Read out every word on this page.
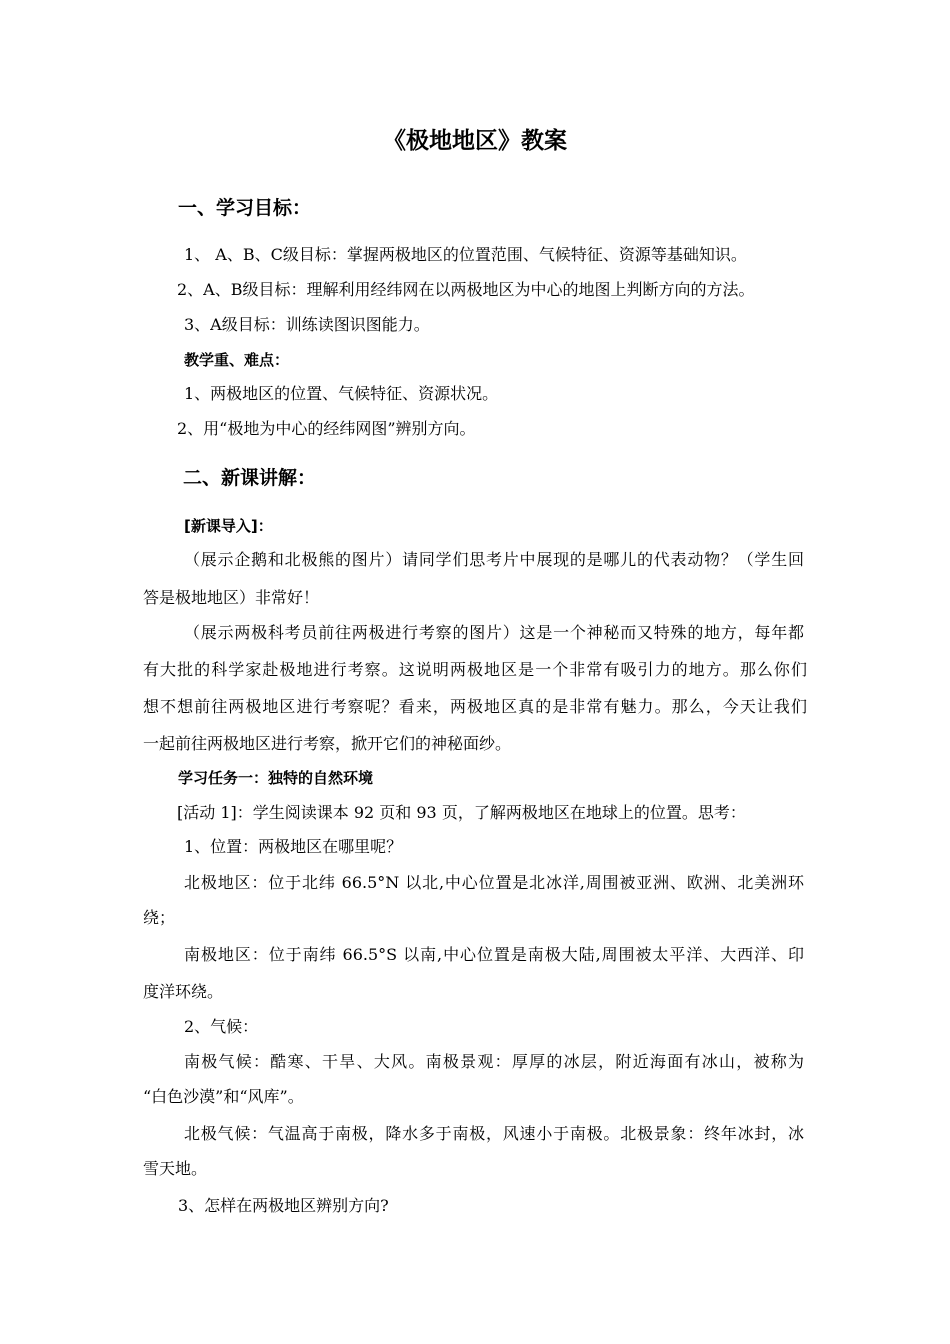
《极地地区》教案
一、学习目标：
1、 A、B、C级目标：掌握两极地区的位置范围、气候特征、资源等基础知识。
2、A、B级目标：理解利用经纬网在以两极地区为中心的地图上判断方向的方法。
3、A级目标：训练读图识图能力。
教学重、难点：
1、两极地区的位置、气候特征、资源状况。
2、用“极地为中心的经纬网图”辨别方向。
二、新课讲解：
[新课导入]：
（展示企鹅和北极熊的图片）请同学们思考片中展现的是哪儿的代表动物？（学生回
答是极地地区）非常好！
（展示两极科考员前往两极进行考察的图片）这是一个神秘而又特殊的地方，每年都
有大批的科学家赴极地进行考察。这说明两极地区是一个非常有吸引力的地方。那么你们
想不想前往两极地区进行考察呢？看来，两极地区真的是非常有魅力。那么，今天让我们
一起前往两极地区进行考察，掀开它们的神秘面纱。
学习任务一：独特的自然环境
[活动 1]：学生阅读课本 92 页和 93 页，了解两极地区在地球上的位置。思考：
1、位置：两极地区在哪里呢？
北极地区：位于北纬 66.5°N 以北,中心位置是北冰洋,周围被亚洲、欧洲、北美洲环
绕；
南极地区：位于南纬 66.5°S 以南,中心位置是南极大陆,周围被太平洋、大西洋、印
度洋环绕。
2、气候：
南极气候：酷寒、干旱、大风。南极景观：厚厚的冰层，附近海面有冰山，被称为
“白色沙漠”和“风库”。
北极气候：气温高于南极，降水多于南极，风速小于南极。北极景象：终年冰封，冰
雪天地。
3、怎样在两极地区辨别方向?
